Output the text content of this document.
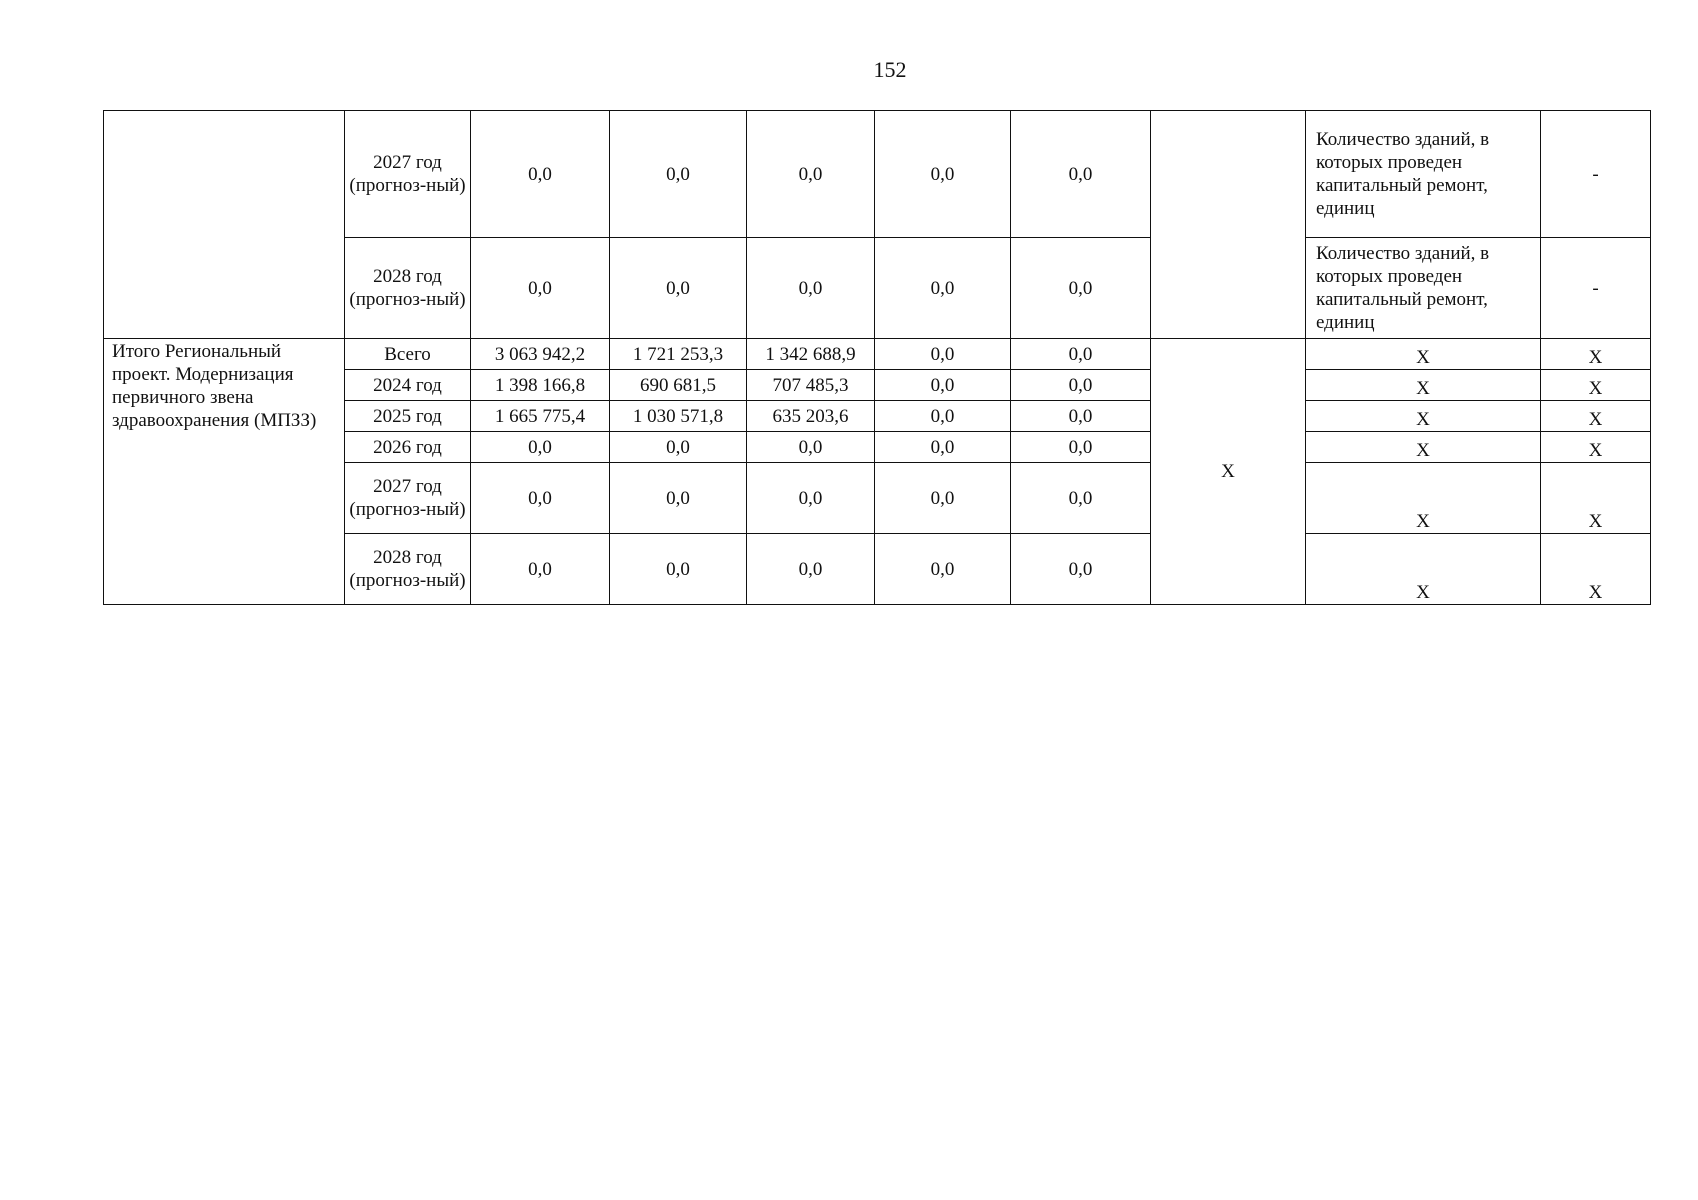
152
	2027 год (прогноз-ный)	0,0	0,0	0,0	0,0	0,0		Количество зданий, в которых проведен капитальный ремонт, единиц	-
	2028 год (прогноз-ный)	0,0	0,0	0,0	0,0	0,0		Количество зданий, в которых проведен капитальный ремонт, единиц	-
Итого Региональный проект. Модернизация первичного звена здравоохранения (МПЗЗ)	Всего	3 063 942,2	1 721 253,3	1 342 688,9	0,0	0,0	X	X	X
	2024 год	1 398 166,8	690 681,5	707 485,3	0,0	0,0		X	X
	2025 год	1 665 775,4	1 030 571,8	635 203,6	0,0	0,0		X	X
	2026 год	0,0	0,0	0,0	0,0	0,0		X	X
	2027 год (прогноз-ный)	0,0	0,0	0,0	0,0	0,0		X	X
	2028 год (прогноз-ный)	0,0	0,0	0,0	0,0	0,0		X	X
